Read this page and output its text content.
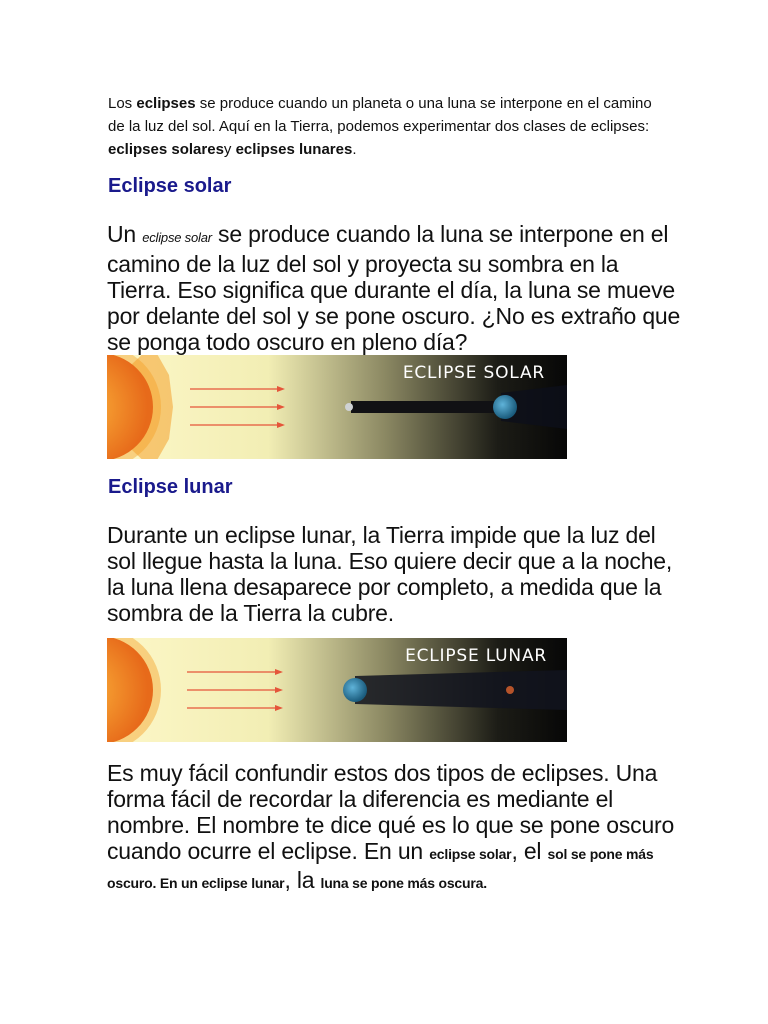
Los eclipses se produce cuando un planeta o una luna se interpone en el camino de la luz del sol. Aquí en la Tierra, podemos experimentar dos clases de eclipses: eclipses solaresy eclipses lunares.

Eclipse solar

Un eclipse solar se produce cuando la luna se interpone en el camino de la luz del sol y proyecta su sombra en la Tierra. Eso significa que durante el día, la luna se mueve por delante del sol y se pone oscuro. ¿No es extraño que se ponga todo oscuro en pleno día?

ECLIPSE SOLAR
Eclipse lunar

Durante un eclipse lunar, la Tierra impide que la luz del sol llegue hasta la luna. Eso quiere decir que a la noche, la luna llena desaparece por completo, a medida que la sombra de la Tierra la cubre.

ECLIPSE LUNAR

Es muy fácil confundir estos dos tipos de eclipses. Una forma fácil de recordar la diferencia es mediante el nombre. El nombre te dice qué es lo que se pone oscuro cuando ocurre el eclipse. En un eclipse solar, el sol se pone más oscuro. En un eclipse lunar, la luna se pone más oscura.
